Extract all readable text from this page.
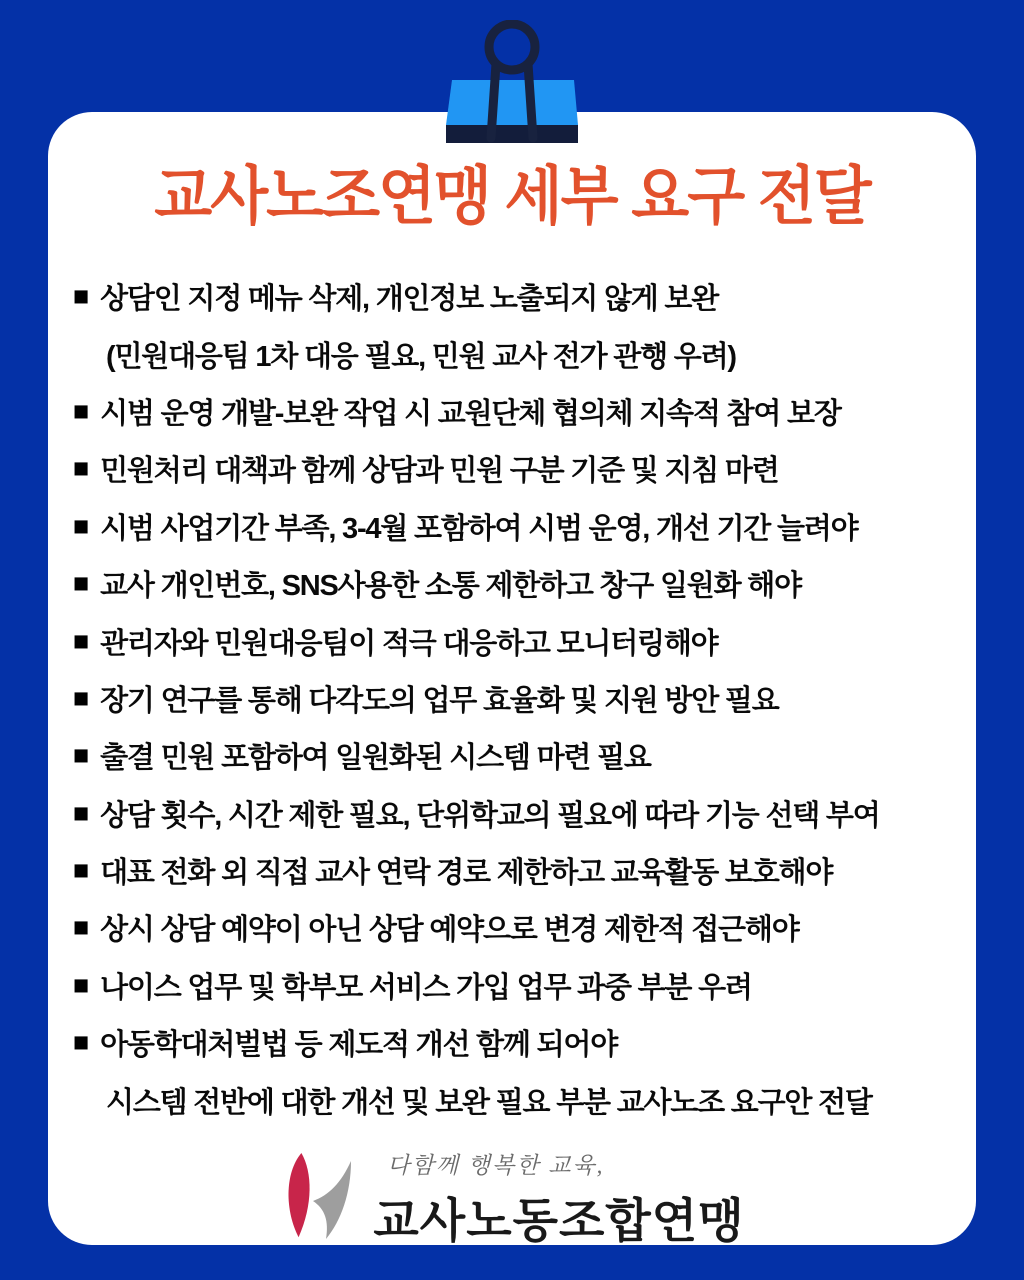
교사노조연맹 세부 요구 전달
■ 상담인 지정 메뉴 삭제, 개인정보 노출되지 않게 보완
(민원대응팀 1차 대응 필요, 민원 교사 전가 관행 우려)
■ 시범 운영 개발-보완 작업 시 교원단체 협의체 지속적 참여 보장
■ 민원처리 대책과 함께 상담과 민원 구분 기준 및 지침 마련
■ 시범 사업기간 부족, 3-4월 포함하여 시범 운영, 개선 기간 늘려야
■ 교사 개인번호, SNS사용한 소통 제한하고 창구 일원화 해야
■ 관리자와 민원대응팀이 적극 대응하고 모니터링해야
■ 장기 연구를 통해 다각도의 업무 효율화 및 지원 방안 필요
■ 출결 민원 포함하여 일원화된 시스템 마련 필요
■ 상담 횟수, 시간 제한 필요, 단위학교의 필요에 따라 기능 선택 부여
■ 대표 전화 외 직접 교사 연락 경로 제한하고 교육활동 보호해야
■ 상시 상담 예약이 아닌 상담 예약으로 변경 제한적 접근해야
■ 나이스 업무 및 학부모 서비스 가입 업무 과중 부분 우려
■ 아동학대처벌법 등 제도적 개선 함께 되어야
시스템 전반에 대한 개선 및 보완 필요 부분 교사노조 요구안 전달
다함께 행복한 교육,
교사노동조합연맹
